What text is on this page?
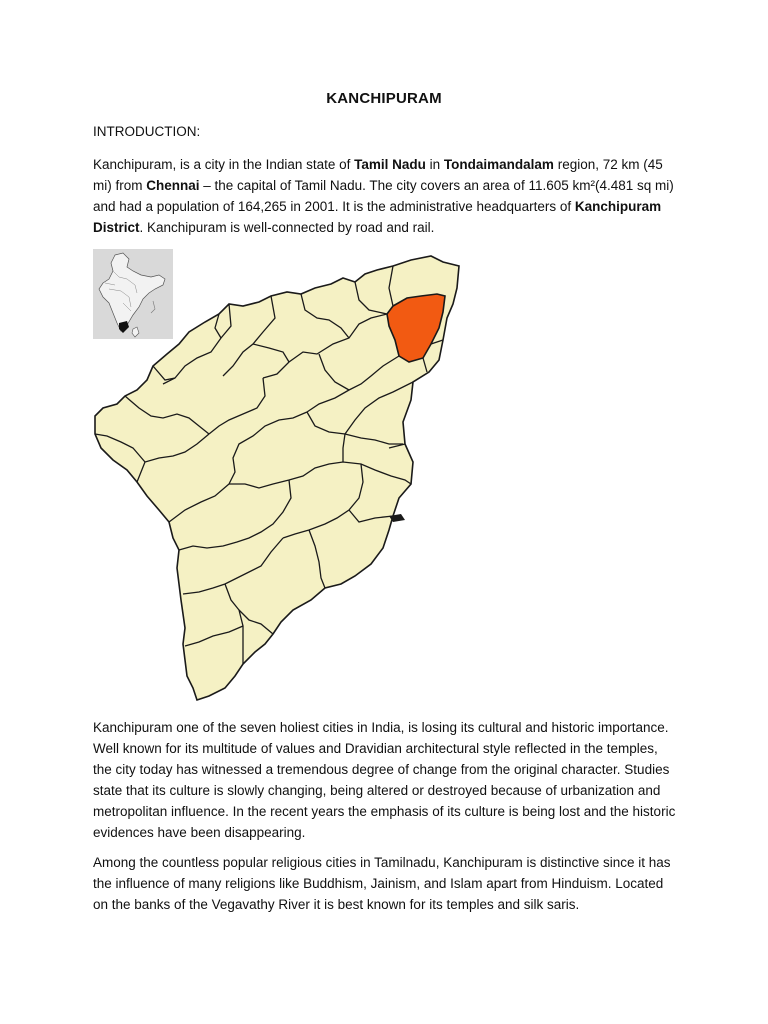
KANCHIPURAM
INTRODUCTION:
Kanchipuram, is a city in the Indian state of Tamil Nadu in Tondaimandalam region, 72 km (45 mi) from Chennai – the capital of Tamil Nadu. The city covers an area of 11.605 km²(4.481 sq mi) and had a population of 164,265 in 2001. It is the administrative headquarters of Kanchipuram District. Kanchipuram is well-connected by road and rail.
Kanchipuram one of the seven holiest cities in India, is losing its cultural and historic importance. Well known for its multitude of values and Dravidian architectural style reflected in the temples, the city today has witnessed a tremendous degree of change from the original character. Studies state that its culture is slowly changing, being altered or destroyed because of urbanization and metropolitan influence. In the recent years the emphasis of its culture is being lost and the historic evidences have been disappearing.
Among the countless popular religious cities in Tamilnadu, Kanchipuram is distinctive since it has the influence of many religions like Buddhism, Jainism, and Islam apart from Hinduism. Located on the banks of the Vegavathy River it is best known for its temples and silk saris.
